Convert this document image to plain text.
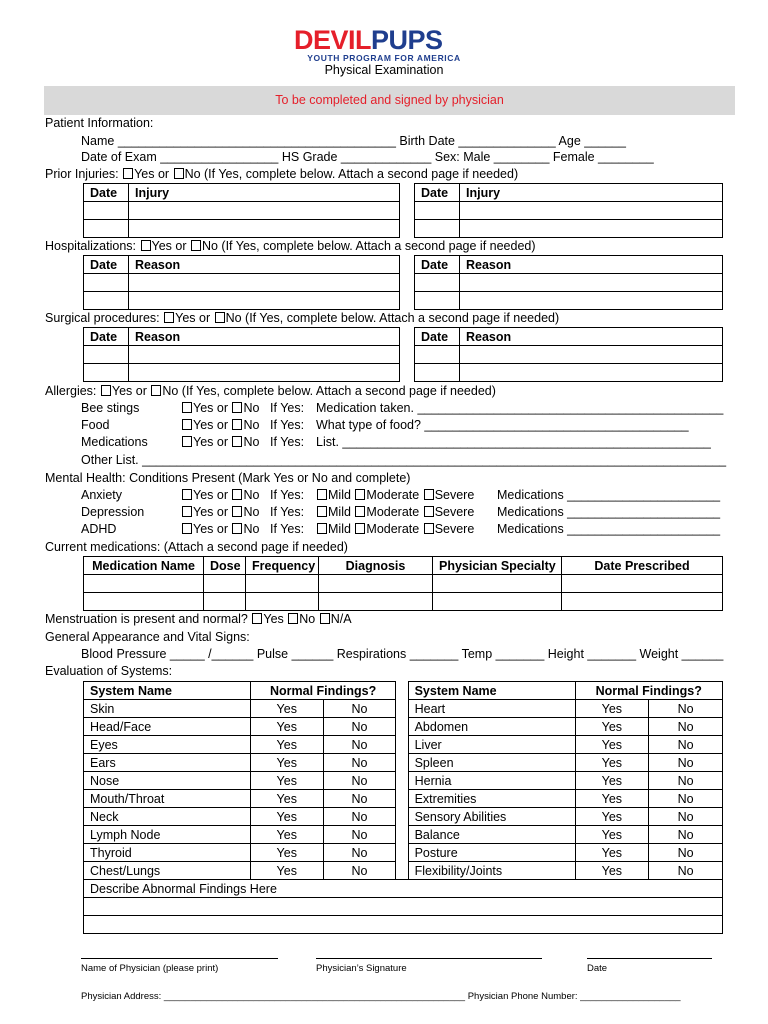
DEVILPUPS
YOUTH PROGRAM FOR AMERICA
Physical Examination
To be completed and signed by physician
Patient Information:
Name ________________________________________ Birth Date ______________ Age ______
Date of Exam _________________ HS Grade _____________ Sex: Male ________ Female ________
Prior Injuries: Yes or No (If Yes, complete below. Attach a second page if needed)
Date	Injury

		Date	Injury

Hospitalizations: Yes or No (If Yes, complete below. Attach a second page if needed)
Date	Reason

		Date	Reason

Surgical procedures: Yes or No (If Yes, complete below. Attach a second page if needed)
Date	Reason

		Date	Reason

Allergies: Yes or No (If Yes, complete below. Attach a second page if needed)
Bee stings	Yes or No If Yes: Medication taken. ____________________________________________
Food	Yes or No If Yes: What type of food? ______________________________________
Medications	Yes or No If Yes: List. _____________________________________________________
Other List. ____________________________________________________________________________________
Mental Health: Conditions Present (Mark Yes or No and complete)
Anxiety	Yes or No If Yes:	Mild Moderate Severe Medications ______________________
Depression	Yes or No If Yes:	Mild Moderate Severe Medications ______________________
ADHD	Yes or No If Yes:	Mild Moderate Severe Medications ______________________
Current medications: (Attach a second page if needed)
Medication Name	Dose	Frequency	Diagnosis	Physician Specialty	Date Prescribed

Menstruation is present and normal? Yes No N/A
General Appearance and Vital Signs:
Blood Pressure _____ /______ Pulse ______ Respirations _______ Temp _______ Height _______ Weight ______
Evaluation of Systems:
System Name	Normal Findings?			System Name	Normal Findings?	
Skin	Yes	No		Heart	Yes	No
Head/Face	Yes	No		Abdomen	Yes	No
Eyes	Yes	No		Liver	Yes	No
Ears	Yes	No		Spleen	Yes	No
Nose	Yes	No		Hernia	Yes	No
Mouth/Throat	Yes	No		Extremities	Yes	No
Neck	Yes	No		Sensory Abilities	Yes	No
Lymph Node	Yes	No		Balance	Yes	No
Thyroid	Yes	No		Posture	Yes	No
Chest/Lungs	Yes	No		Flexibility/Joints	Yes	No
Describe Abnormal Findings Here						

Name of Physician (please print)	Physician’s Signature	Date
Physician Address: _________________________________________________________ Physician Phone Number: ___________________
